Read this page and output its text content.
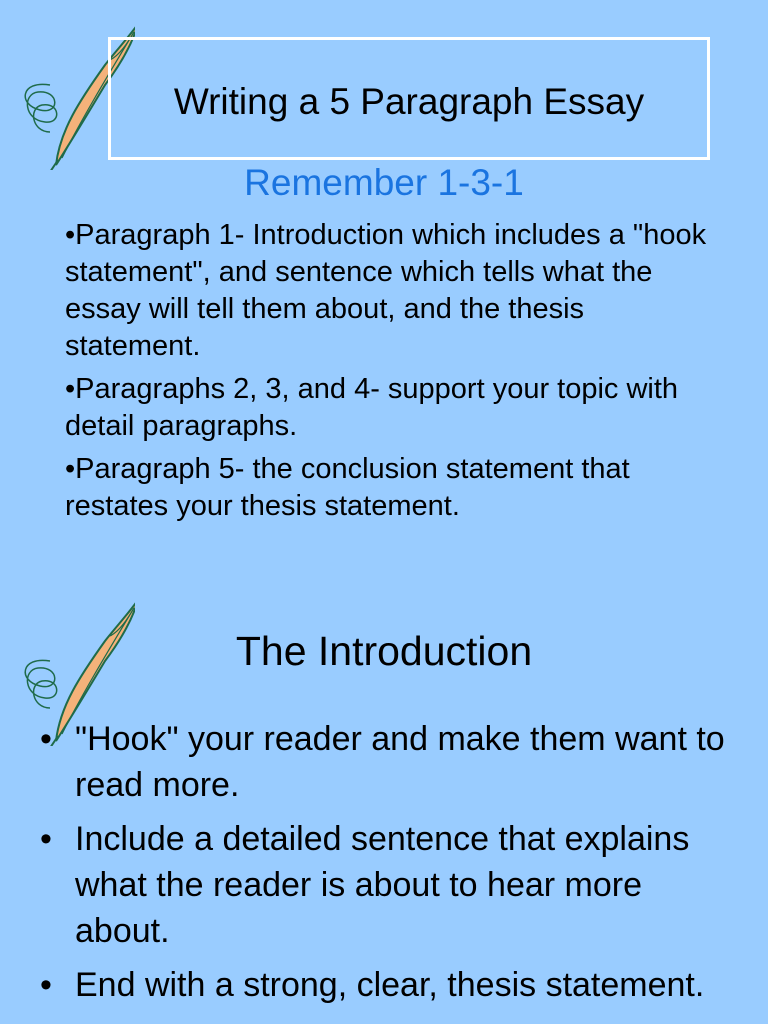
Writing a 5 Paragraph Essay
Remember 1-3-1
•Paragraph 1- Introduction which includes a "hook statement", and sentence which tells what the essay will tell them about, and the thesis statement.
•Paragraphs 2, 3, and 4- support your topic with detail paragraphs.
•Paragraph 5- the conclusion statement that restates your thesis statement.
The Introduction
• "Hook" your reader and make them want to read more.
• Include a detailed sentence that explains what the reader is about to hear more about.
• End with a strong, clear, thesis statement.
